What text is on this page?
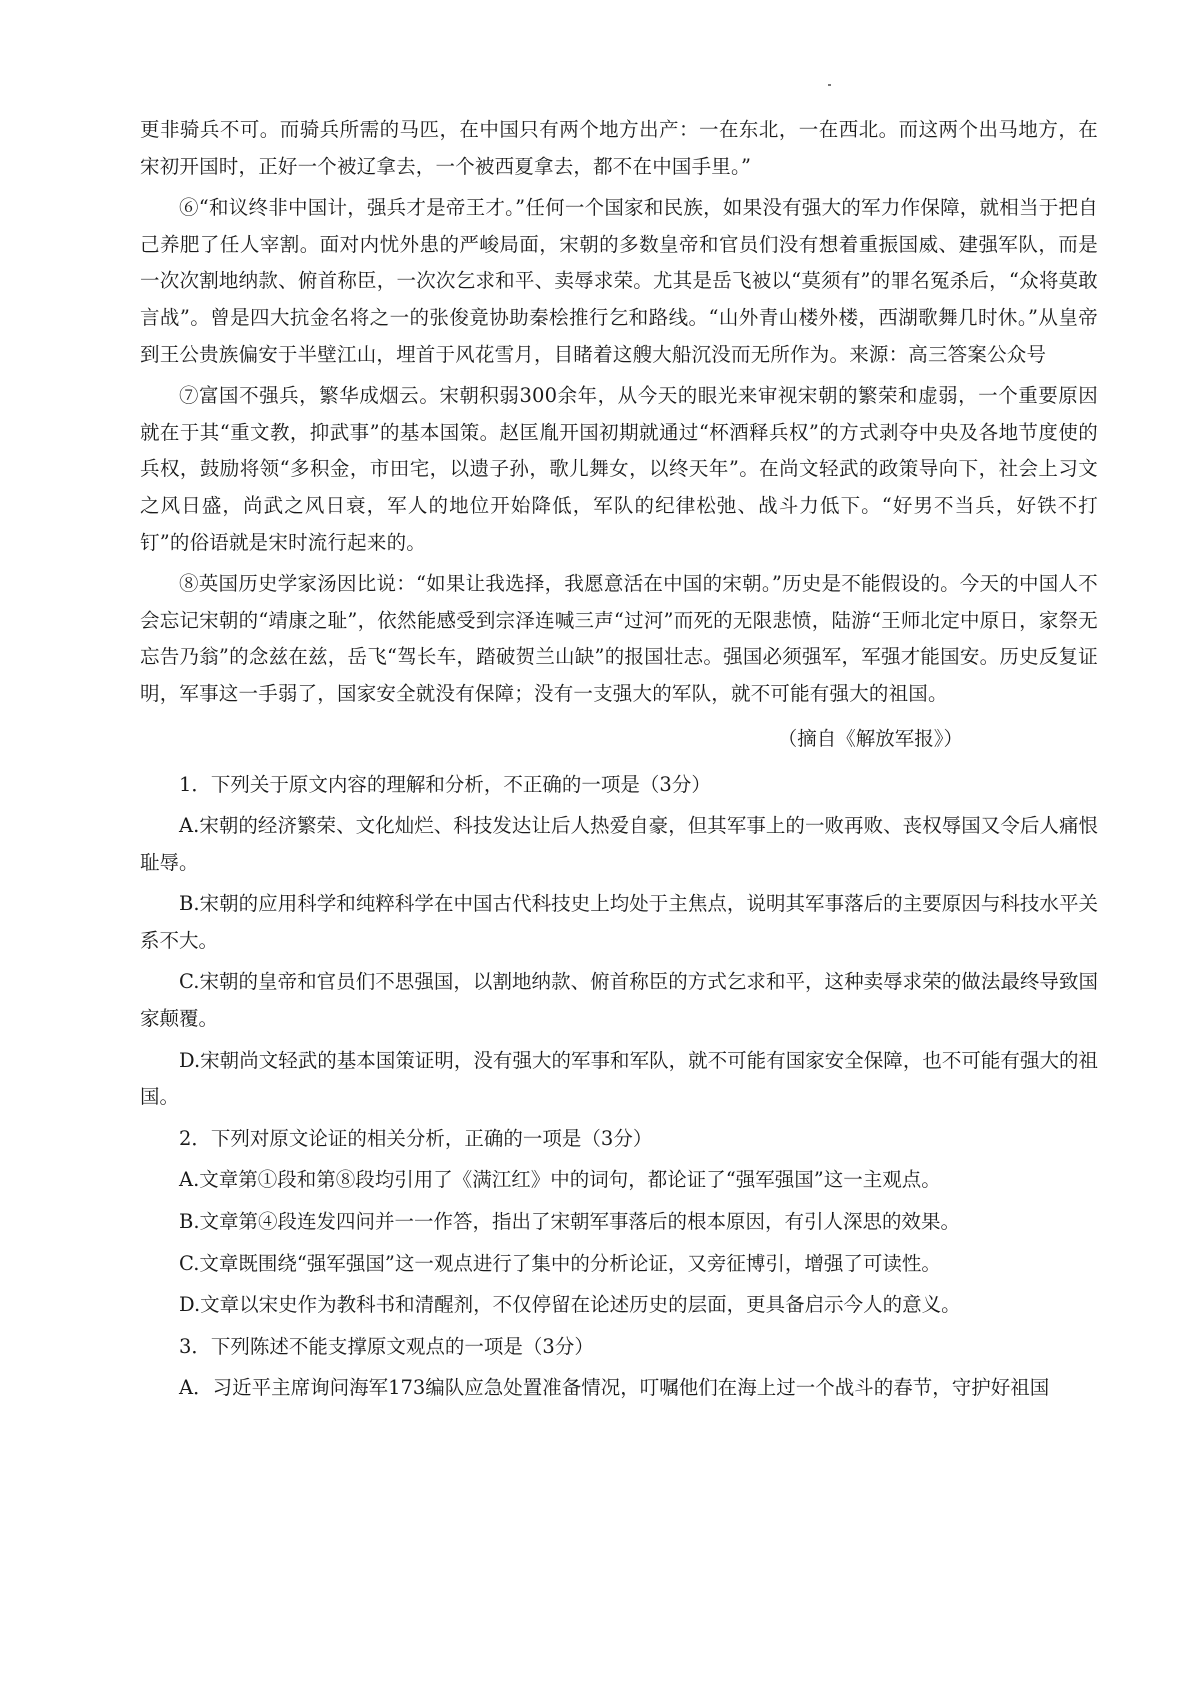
更非骑兵不可。而骑兵所需的马匹，在中国只有两个地方出产：一在东北，一在西北。而这两个出马地方，在宋初开国时，正好一个被辽拿去，一个被西夏拿去，都不在中国手里。”

⑥“和议终非中国计，强兵才是帝王才。”任何一个国家和民族，如果没有强大的军力作保障，就相当于把自己养肥了任人宰割。面对内忧外患的严峻局面，宋朝的多数皇帝和官员们没有想着重振国威、建强军队，而是一次次割地纳款、俯首称臣，一次次乞求和平、卖辱求荣。尤其是岳飞被以“莫须有”的罪名冤杀后，“众将莫敢言战”。曾是四大抗金名将之一的张俊竟协助秦桧推行乞和路线。“山外青山楼外楼，西湖歌舞几时休。”从皇帝到王公贵族偏安于半壁江山，埋首于风花雪月，目睹着这艘大船沉没而无所作为。来源：高三答案公众号

⑦富国不强兵，繁华成烟云。宋朝积弱300余年，从今天的眼光来审视宋朝的繁荣和虚弱，一个重要原因就在于其“重文教，抑武事”的基本国策。赵匡胤开国初期就通过“杯酒释兵权”的方式剥夺中央及各地节度使的兵权，鼓励将领“多积金，市田宅，以遗子孙，歌儿舞女，以终天年”。在尚文轻武的政策导向下，社会上习文之风日盛，尚武之风日衰，军人的地位开始降低，军队的纪律松弛、战斗力低下。“好男不当兵，好铁不打钉”的俗语就是宋时流行起来的。

⑧英国历史学家汤因比说：“如果让我选择，我愿意活在中国的宋朝。”历史是不能假设的。今天的中国人不会忘记宋朝的“靖康之耻”，依然能感受到宗泽连喊三声“过河”而死的无限悲愤，陆游“王师北定中原日，家祭无忘告乃翁”的念兹在兹，岳飞“驾长车，踏破贺兰山缺”的报国壮志。强国必须强军，军强才能国安。历史反复证明，军事这一手弱了，国家安全就没有保障；没有一支强大的军队，就不可能有强大的祖国。

（摘自《解放军报》）

1．下列关于原文内容的理解和分析，不正确的一项是（3分）

A.宋朝的经济繁荣、文化灿烂、科技发达让后人热爱自豪，但其军事上的一败再败、丧权辱国又令后人痛恨耻辱。

B.宋朝的应用科学和纯粹科学在中国古代科技史上均处于主焦点，说明其军事落后的主要原因与科技水平关系不大。

C.宋朝的皇帝和官员们不思强国，以割地纳款、俯首称臣的方式乞求和平，这种卖辱求荣的做法最终导致国家颠覆。

D.宋朝尚文轻武的基本国策证明，没有强大的军事和军队，就不可能有国家安全保障，也不可能有强大的祖国。

2．下列对原文论证的相关分析，正确的一项是（3分）

A.文章第①段和第⑧段均引用了《满江红》中的词句，都论证了“强军强国”这一主观点。

B.文章第④段连发四问并一一作答，指出了宋朝军事落后的根本原因，有引人深思的效果。

C.文章既围绕“强军强国”这一观点进行了集中的分析论证，又旁征博引，增强了可读性。

D.文章以宋史作为教科书和清醒剂，不仅停留在论述历史的层面，更具备启示今人的意义。

3．下列陈述不能支撑原文观点的一项是（3分）

A．习近平主席询问海军173编队应急处置准备情况，叮嘱他们在海上过一个战斗的春节，守护好祖国
